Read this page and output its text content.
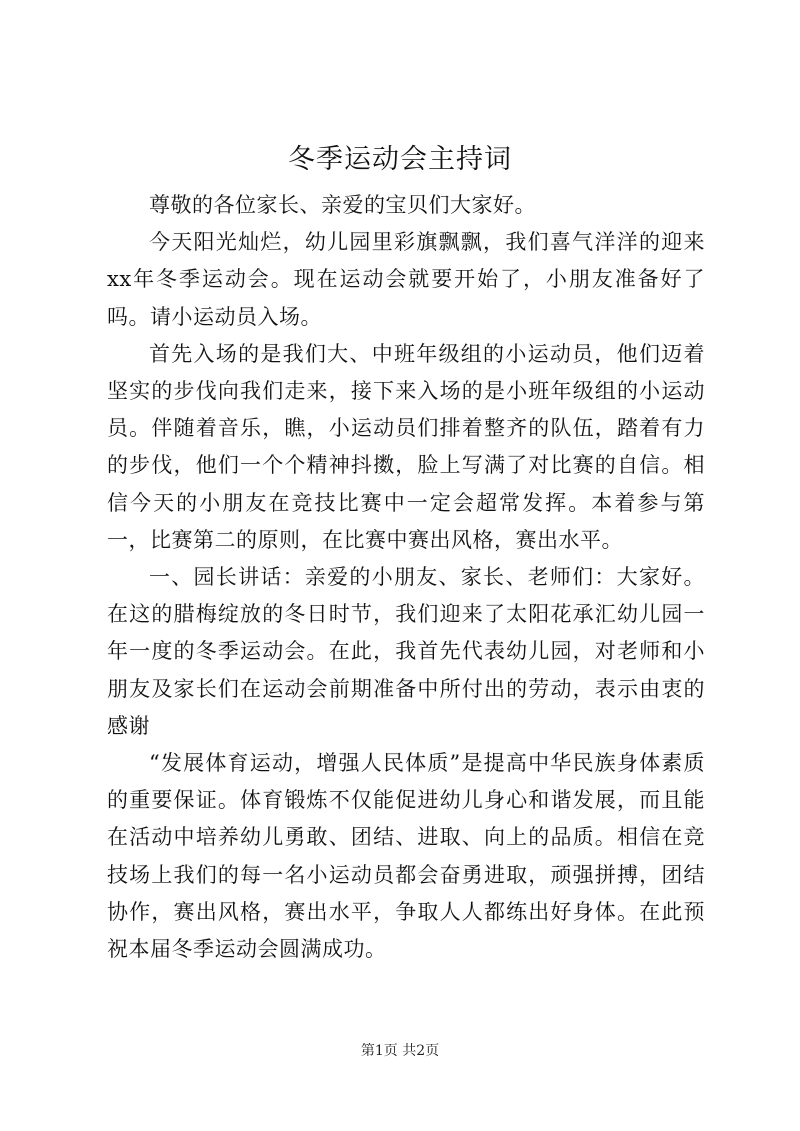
冬季运动会主持词

尊敬的各位家长、亲爱的宝贝们大家好。

今天阳光灿烂，幼儿园里彩旗飘飘，我们喜气洋洋的迎来xx年冬季运动会。现在运动会就要开始了，小朋友准备好了吗。请小运动员入场。

首先入场的是我们大、中班年级组的小运动员，他们迈着坚实的步伐向我们走来，接下来入场的是小班年级组的小运动员。伴随着音乐，瞧，小运动员们排着整齐的队伍，踏着有力的步伐，他们一个个精神抖擞，脸上写满了对比赛的自信。相信今天的小朋友在竞技比赛中一定会超常发挥。本着参与第一，比赛第二的原则，在比赛中赛出风格，赛出水平。

一、园长讲话：亲爱的小朋友、家长、老师们：大家好。在这的腊梅绽放的冬日时节，我们迎来了太阳花承汇幼儿园一年一度的冬季运动会。在此，我首先代表幼儿园，对老师和小朋友及家长们在运动会前期准备中所付出的劳动，表示由衷的感谢

“发展体育运动，增强人民体质”是提高中华民族身体素质的重要保证。体育锻炼不仅能促进幼儿身心和谐发展，而且能在活动中培养幼儿勇敢、团结、进取、向上的品质。相信在竞技场上我们的每一名小运动员都会奋勇进取，顽强拼搏，团结协作，赛出风格，赛出水平，争取人人都练出好身体。在此预祝本届冬季运动会圆满成功。

第1页 共2页
